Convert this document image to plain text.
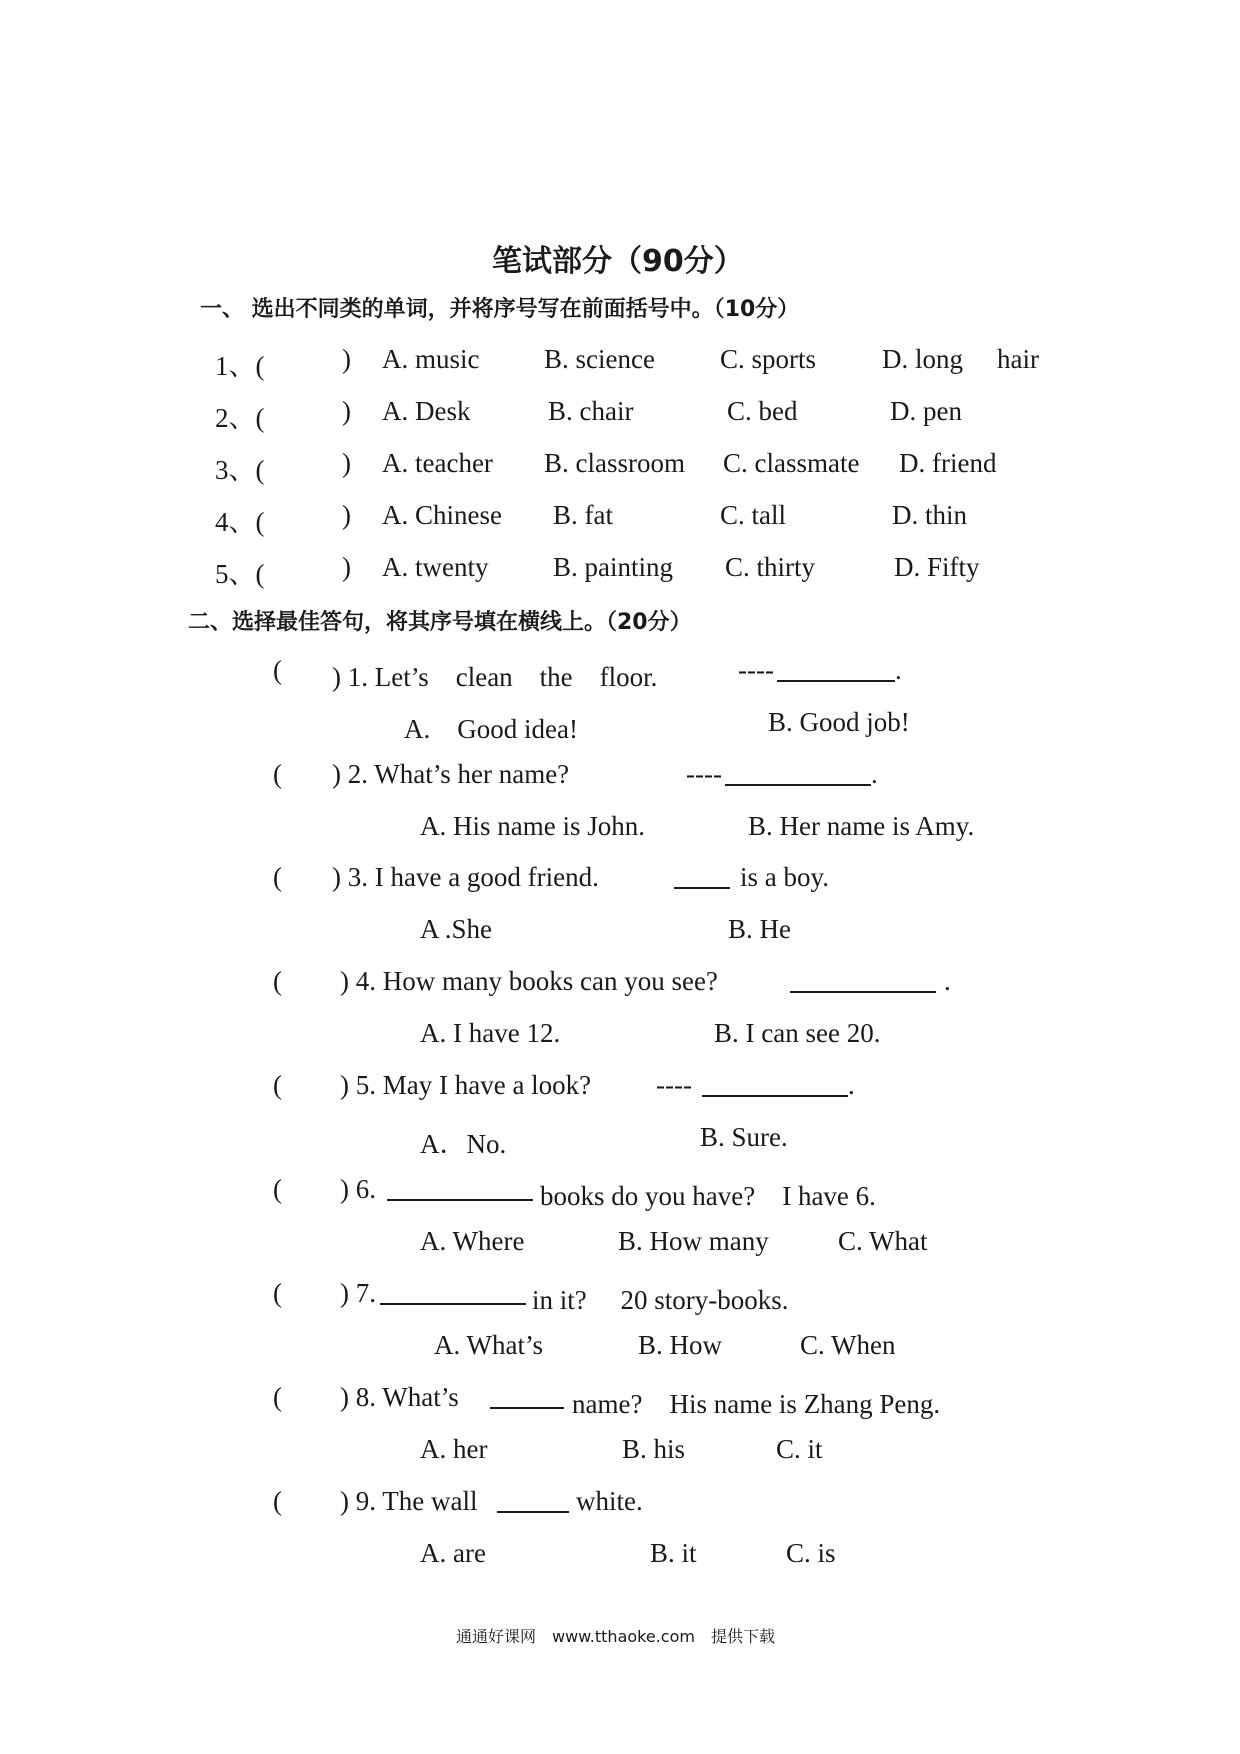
笔试部分（90分）
一、 选出不同类的单词，并将序号写在前面括号中。（10分）
1、(	) A. music B. science C. sports D. long hair
2、(	) A. Desk	B. chair	C. bed	D. pen
3、(	) A. teacher B. classroom C. classmate D. friend
4、(	) A. Chinese B. fat	C. tall	D. thin
5、(	) A. twenty B. painting C. thirty	D. Fifty
二、选择最佳答句，将其序号填在横线上。（20分）
( ) 1. Let’s　clean　the　floor.	----	.
A.　Good idea!	B. Good job!
( ) 2. What’s her name?	----	.
A. His name is John.	B. Her name is Amy.
( ) 3. I have a good friend.	is a boy.
A .She	B. He
( ) 4. How many books can you see?	.
A. I have 12.	B. I can see 20.
( ) 5. May I have a look? ----	.
A．No.	B. Sure.
( ) 6.	books do you have?　I have 6.
A. Where	B. How many	C. What
( ) 7.	in it?　 20 story-books.
A. What’s	B. How	C. When
( ) 8. What’s	name?　His name is Zhang Peng.
A. her	B. his	C. it
( ) 9. The wall	white.
A. are	B. it	C. is
通通好课网　www.tthaoke.com　提供下载
